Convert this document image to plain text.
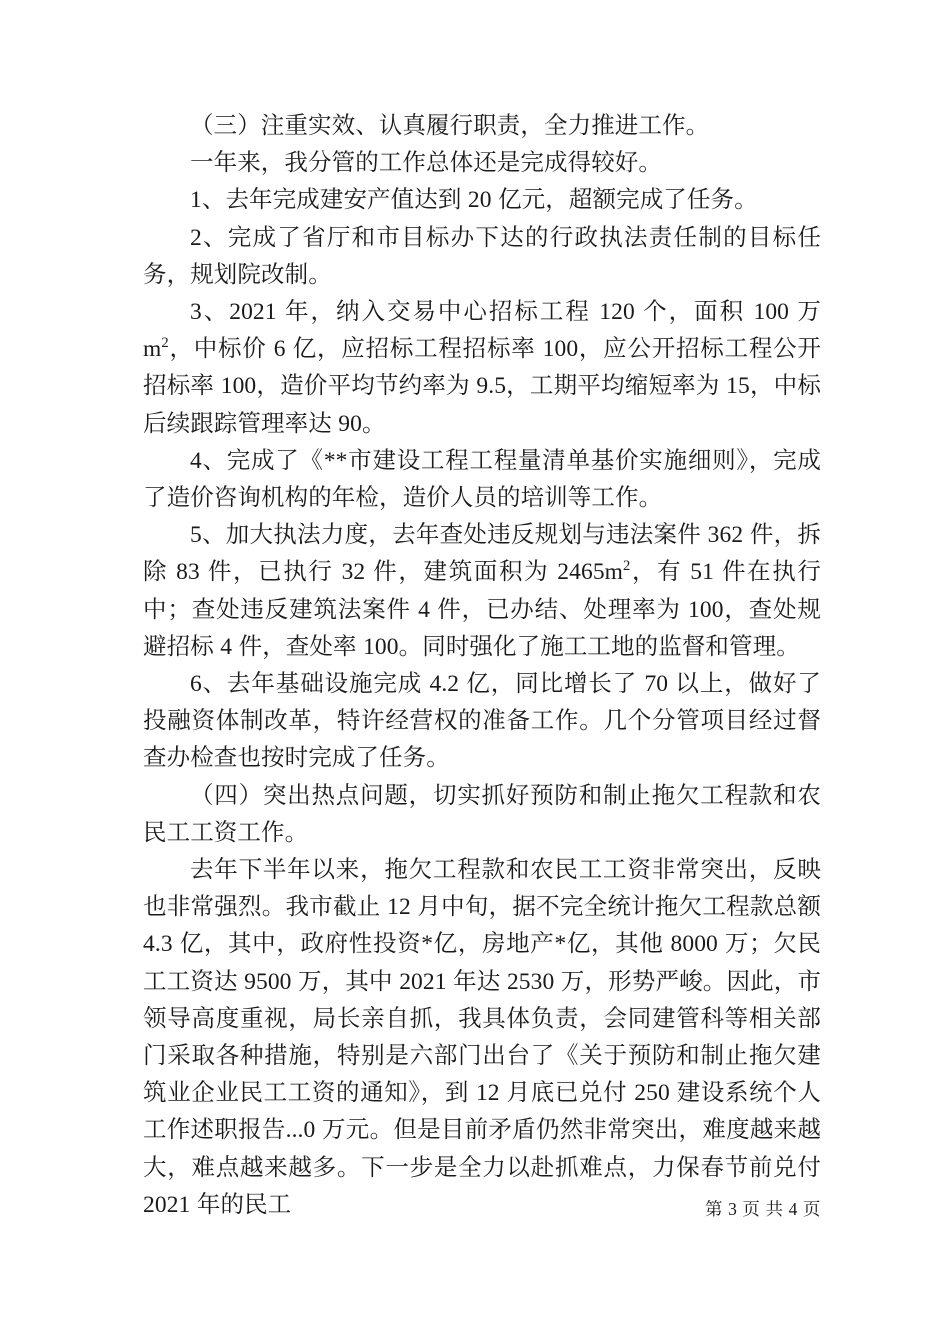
（三）注重实效、认真履行职责，全力推进工作。

一年来，我分管的工作总体还是完成得较好。

1、去年完成建安产值达到 20 亿元，超额完成了任务。

2、完成了省厅和市目标办下达的行政执法责任制的目标任务，规划院改制。

3、2021 年，纳入交易中心招标工程 120 个，面积 100 万 $m^2$，中标价 6 亿，应招标工程招标率 100，应公开招标工程公开招标率 100，造价平均节约率为 9.5，工期平均缩短率为 15，中标后续跟踪管理率达 90。

4、完成了《**市建设工程工程量清单基价实施细则》，完成了造价咨询机构的年检，造价人员的培训等工作。

5、加大执法力度，去年查处违反规划与违法案件 362 件，拆除 83 件，已执行 32 件，建筑面积为 $2465m^2$，有 51 件在执行中；查处违反建筑法案件 4 件，已办结、处理率为 100，查处规避招标 4 件，查处率 100。同时强化了施工工地的监督和管理。

6、去年基础设施完成 4.2 亿，同比增长了 70 以上，做好了投融资体制改革，特许经营权的准备工作。几个分管项目经过督查办检查也按时完成了任务。

（四）突出热点问题，切实抓好预防和制止拖欠工程款和农民工工资工作。

去年下半年以来，拖欠工程款和农民工工资非常突出，反映也非常强烈。我市截止 12 月中旬，据不完全统计拖欠工程款总额 4.3 亿，其中，政府性投资*亿，房地产*亿，其他 8000 万；欠民工工资达 9500 万，其中 2021 年达 2530 万，形势严峻。因此，市领导高度重视，局长亲自抓，我具体负责，会同建管科等相关部门采取各种措施，特别是六部门出台了《关于预防和制止拖欠建筑业企业民工工资的通知》，到 12 月底已兑付 250 建设系统个人工作述职报告...0 万元。但是目前矛盾仍然非常突出，难度越来越大，难点越来越多。下一步是全力以赴抓难点，力保春节前兑付 2021 年的民工	第 3 页 共 4 页
